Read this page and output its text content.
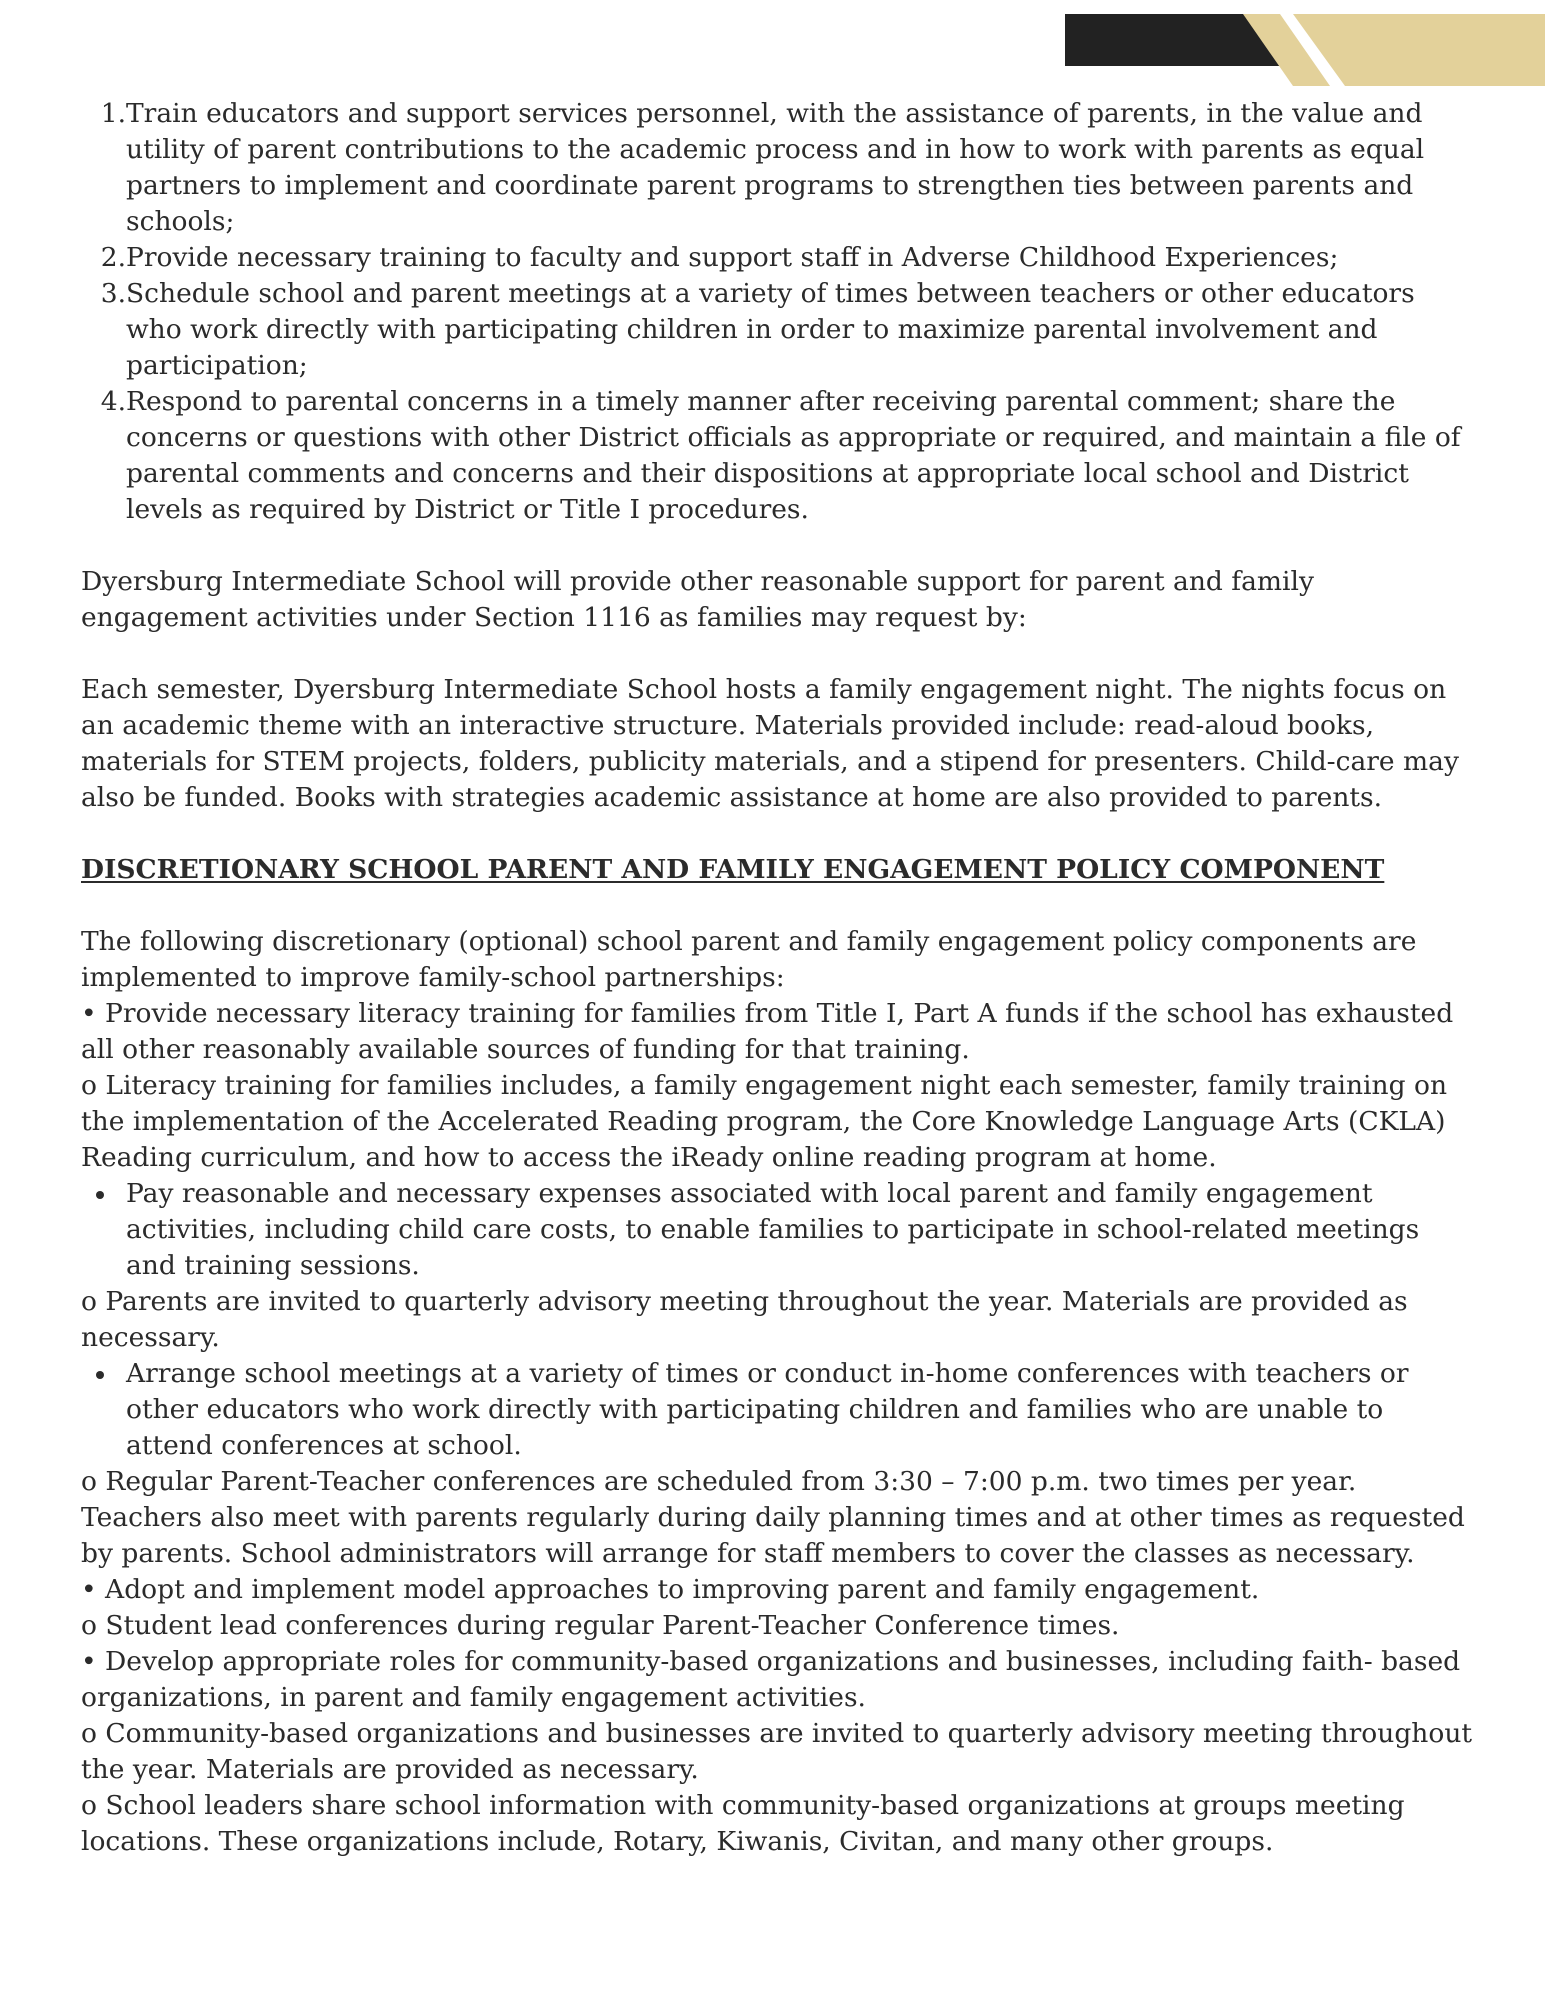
1. Train educators and support services personnel, with the assistance of parents, in the value and utility of parent contributions to the academic process and in how to work with parents as equal partners to implement and coordinate parent programs to strengthen ties between parents and schools;
2. Provide necessary training to faculty and support staff in Adverse Childhood Experiences;
3. Schedule school and parent meetings at a variety of times between teachers or other educators who work directly with participating children in order to maximize parental involvement and participation;
4. Respond to parental concerns in a timely manner after receiving parental comment; share the concerns or questions with other District officials as appropriate or required, and maintain a file of parental comments and concerns and their dispositions at appropriate local school and District levels as required by District or Title I procedures.

Dyersburg Intermediate School will provide other reasonable support for parent and family engagement activities under Section 1116 as families may request by:

Each semester, Dyersburg Intermediate School hosts a family engagement night. The nights focus on an academic theme with an interactive structure. Materials provided include: read-aloud books, materials for STEM projects, folders, publicity materials, and a stipend for presenters. Child-care may also be funded. Books with strategies academic assistance at home are also provided to parents.

DISCRETIONARY SCHOOL PARENT AND FAMILY ENGAGEMENT POLICY COMPONENT

The following discretionary (optional) school parent and family engagement policy components are implemented to improve family-school partnerships:

• Provide necessary literacy training for families from Title I, Part A funds if the school has exhausted all other reasonably available sources of funding for that training.

o Literacy training for families includes, a family engagement night each semester, family training on the implementation of the Accelerated Reading program, the Core Knowledge Language Arts (CKLA) Reading curriculum, and how to access the iReady online reading program at home.

Pay reasonable and necessary expenses associated with local parent and family engagement activities, including child care costs, to enable families to participate in school-related meetings and training sessions.

o Parents are invited to quarterly advisory meeting throughout the year. Materials are provided as necessary.

Arrange school meetings at a variety of times or conduct in-home conferences with teachers or other educators who work directly with participating children and families who are unable to attend conferences at school.

o Regular Parent-Teacher conferences are scheduled from 3:30 – 7:00 p.m. two times per year. Teachers also meet with parents regularly during daily planning times and at other times as requested by parents. School administrators will arrange for staff members to cover the classes as necessary.

• Adopt and implement model approaches to improving parent and family engagement.

o Student lead conferences during regular Parent-Teacher Conference times.

• Develop appropriate roles for community-based organizations and businesses, including faith- based organizations, in parent and family engagement activities.

o Community-based organizations and businesses are invited to quarterly advisory meeting throughout the year. Materials are provided as necessary.

o School leaders share school information with community-based organizations at groups meeting locations. These organizations include, Rotary, Kiwanis, Civitan, and many other groups.
